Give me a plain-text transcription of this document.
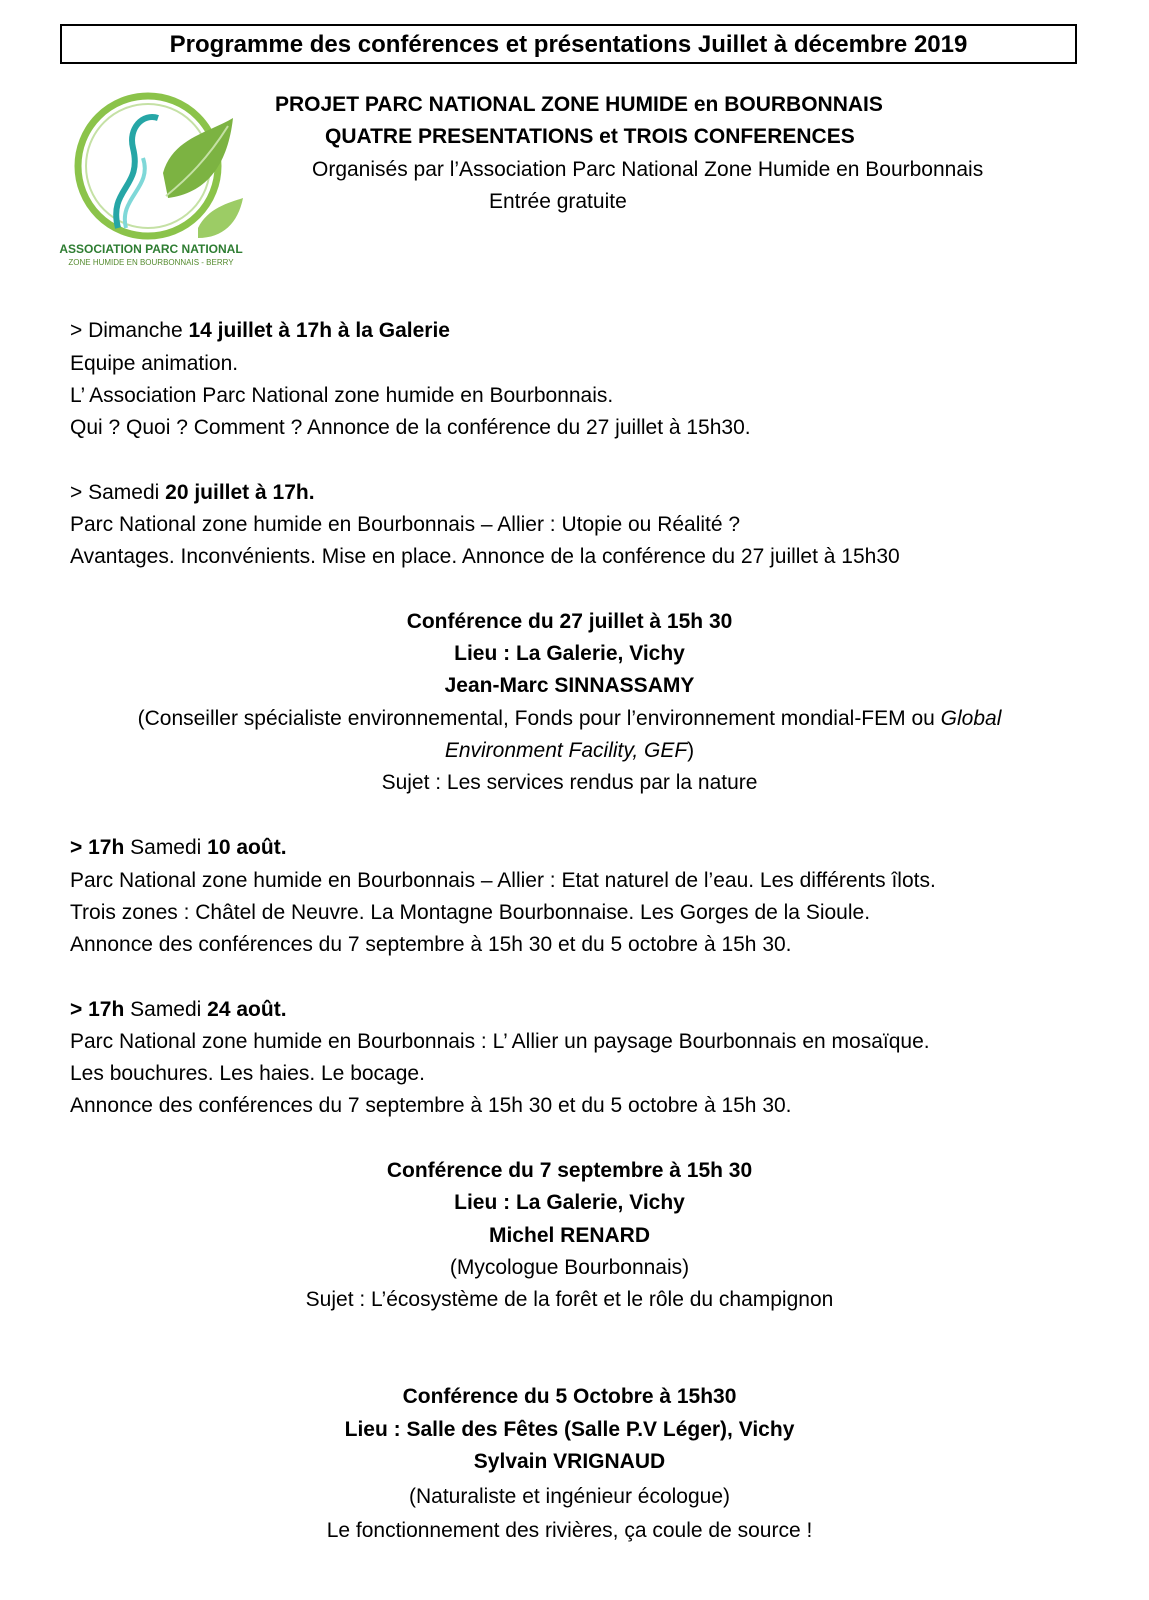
Programme des conférences et présentations Juillet à décembre 2019
ASSOCIATION PARC NATIONAL
ZONE HUMIDE EN BOURBONNAIS - BERRY
PROJET PARC NATIONAL ZONE HUMIDE en BOURBONNAIS
QUATRE PRESENTATIONS et TROIS CONFERENCES
Organisés par l’Association Parc National Zone Humide en Bourbonnais
Entrée gratuite
> Dimanche 14 juillet à 17h à la Galerie
Equipe animation.
L’ Association Parc National zone humide en Bourbonnais.
Qui ? Quoi ? Comment ? Annonce de la conférence du 27 juillet à 15h30.
> Samedi 20 juillet à 17h.
Parc National zone humide en Bourbonnais – Allier : Utopie ou Réalité ?
Avantages. Inconvénients. Mise en place. Annonce de la conférence du 27 juillet à 15h30
Conférence du 27 juillet à 15h 30
Lieu : La Galerie, Vichy
Jean-Marc SINNASSAMY
(Conseiller spécialiste environnemental, Fonds pour l’environnement mondial-FEM ou Global
Environment Facility, GEF)
Sujet : Les services rendus par la nature
> 17h Samedi 10 août.
Parc National zone humide en Bourbonnais – Allier : Etat naturel de l’eau. Les différents îlots.
Trois zones : Châtel de Neuvre. La Montagne Bourbonnaise. Les Gorges de la Sioule.
Annonce des conférences du 7 septembre à 15h 30 et du 5 octobre à 15h 30.
> 17h Samedi 24 août.
Parc National zone humide en Bourbonnais : L’ Allier un paysage Bourbonnais en mosaïque.
Les bouchures. Les haies. Le bocage.
Annonce des conférences du 7 septembre à 15h 30 et du 5 octobre à 15h 30.
Conférence du 7 septembre à 15h 30
Lieu : La Galerie, Vichy
Michel RENARD
(Mycologue Bourbonnais)
Sujet : L’écosystème de la forêt et le rôle du champignon
Conférence du 5 Octobre à 15h30
Lieu : Salle des Fêtes (Salle P.V Léger), Vichy
Sylvain VRIGNAUD
(Naturaliste et ingénieur écologue)
Le fonctionnement des rivières, ça coule de source !
